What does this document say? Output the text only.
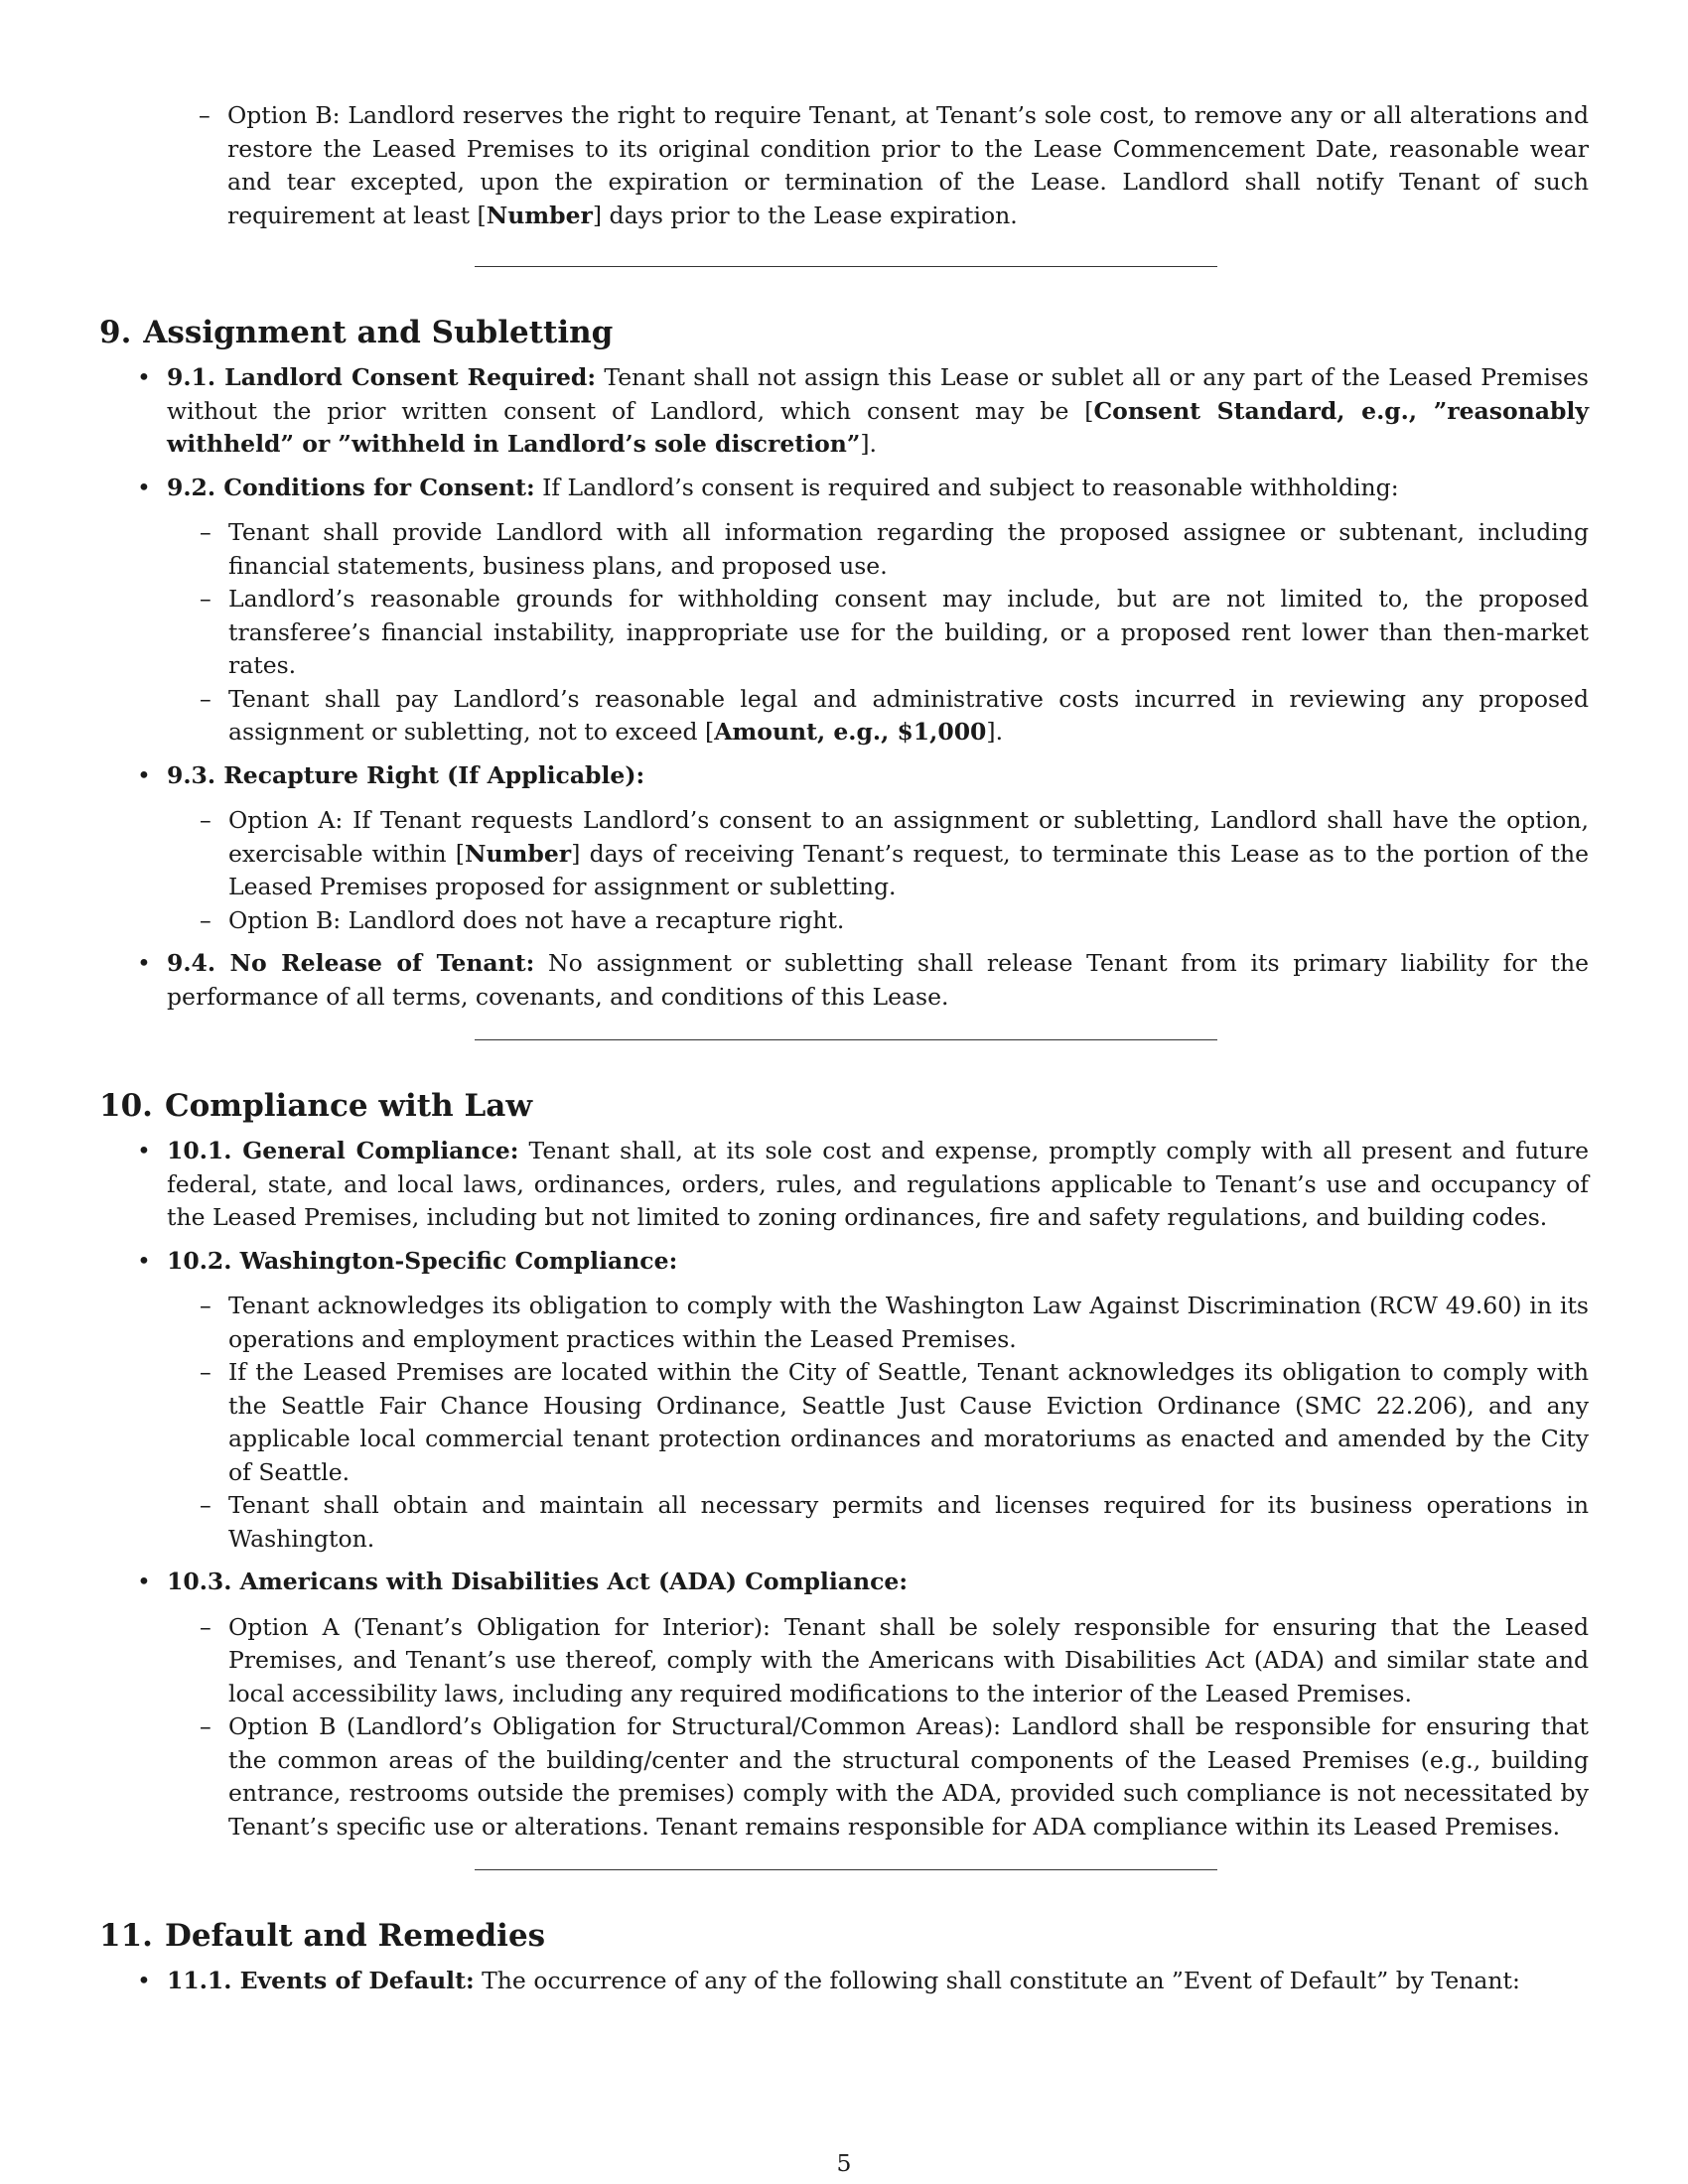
– Option B: Landlord reserves the right to require Tenant, at Tenant’s sole cost, to remove any or all alterations and restore the Leased Premises to its original condition prior to the Lease Commencement Date, reasonable wear and tear excepted, upon the expiration or termination of the Lease. Landlord shall notify Tenant of such requirement at least [Number] days prior to the Lease expiration.
9. Assignment and Subletting
• 9.1. Landlord Consent Required: Tenant shall not assign this Lease or sublet all or any part of the Leased Premises without the prior written consent of Landlord, which consent may be [Consent Standard, e.g., ”reasonably withheld” or ”withheld in Landlord’s sole discretion”].

• 9.2. Conditions for Consent: If Landlord’s consent is required and subject to reasonable withholding:

– Tenant shall provide Landlord with all information regarding the proposed assignee or subtenant, including financial statements, business plans, and proposed use.
– Landlord’s reasonable grounds for withholding consent may include, but are not limited to, the proposed transferee’s financial instability, inappropriate use for the building, or a proposed rent lower than then-market rates.
– Tenant shall pay Landlord’s reasonable legal and administrative costs incurred in reviewing any proposed assignment or subletting, not to exceed [Amount, e.g., $1,000].
• 9.3. Recapture Right (If Applicable):

– Option A: If Tenant requests Landlord’s consent to an assignment or subletting, Landlord shall have the option, exercisable within [Number] days of receiving Tenant’s request, to terminate this Lease as to the portion of the Leased Premises proposed for assignment or subletting.
– Option B: Landlord does not have a recapture right.
• 9.4. No Release of Tenant: No assignment or subletting shall release Tenant from its primary liability for the performance of all terms, covenants, and conditions of this Lease.

10. Compliance with Law
• 10.1. General Compliance: Tenant shall, at its sole cost and expense, promptly comply with all present and future federal, state, and local laws, ordinances, orders, rules, and regulations applicable to Tenant’s use and occupancy of the Leased Premises, including but not limited to zoning ordinances, fire and safety regulations, and building codes.

• 10.2. Washington-Specific Compliance:

– Tenant acknowledges its obligation to comply with the Washington Law Against Discrimination (RCW 49.60) in its operations and employment practices within the Leased Premises.
– If the Leased Premises are located within the City of Seattle, Tenant acknowledges its obligation to comply with the Seattle Fair Chance Housing Ordinance, Seattle Just Cause Eviction Ordinance (SMC 22.206), and any applicable local commercial tenant protection ordinances and moratoriums as enacted and amended by the City of Seattle.
– Tenant shall obtain and maintain all necessary permits and licenses required for its business operations in Washington.
• 10.3. Americans with Disabilities Act (ADA) Compliance:

– Option A (Tenant’s Obligation for Interior): Tenant shall be solely responsible for ensuring that the Leased Premises, and Tenant’s use thereof, comply with the Americans with Disabilities Act (ADA) and similar state and local accessibility laws, including any required modifications to the interior of the Leased Premises.
– Option B (Landlord’s Obligation for Structural/Common Areas): Landlord shall be responsible for ensuring that the common areas of the building/center and the structural components of the Leased Premises (e.g., building entrance, restrooms outside the premises) comply with the ADA, provided such compliance is not necessitated by Tenant’s specific use or alterations. Tenant remains responsible for ADA compliance within its Leased Premises.
11. Default and Remedies
• 11.1. Events of Default: The occurrence of any of the following shall constitute an ”Event of Default” by Tenant:

5
